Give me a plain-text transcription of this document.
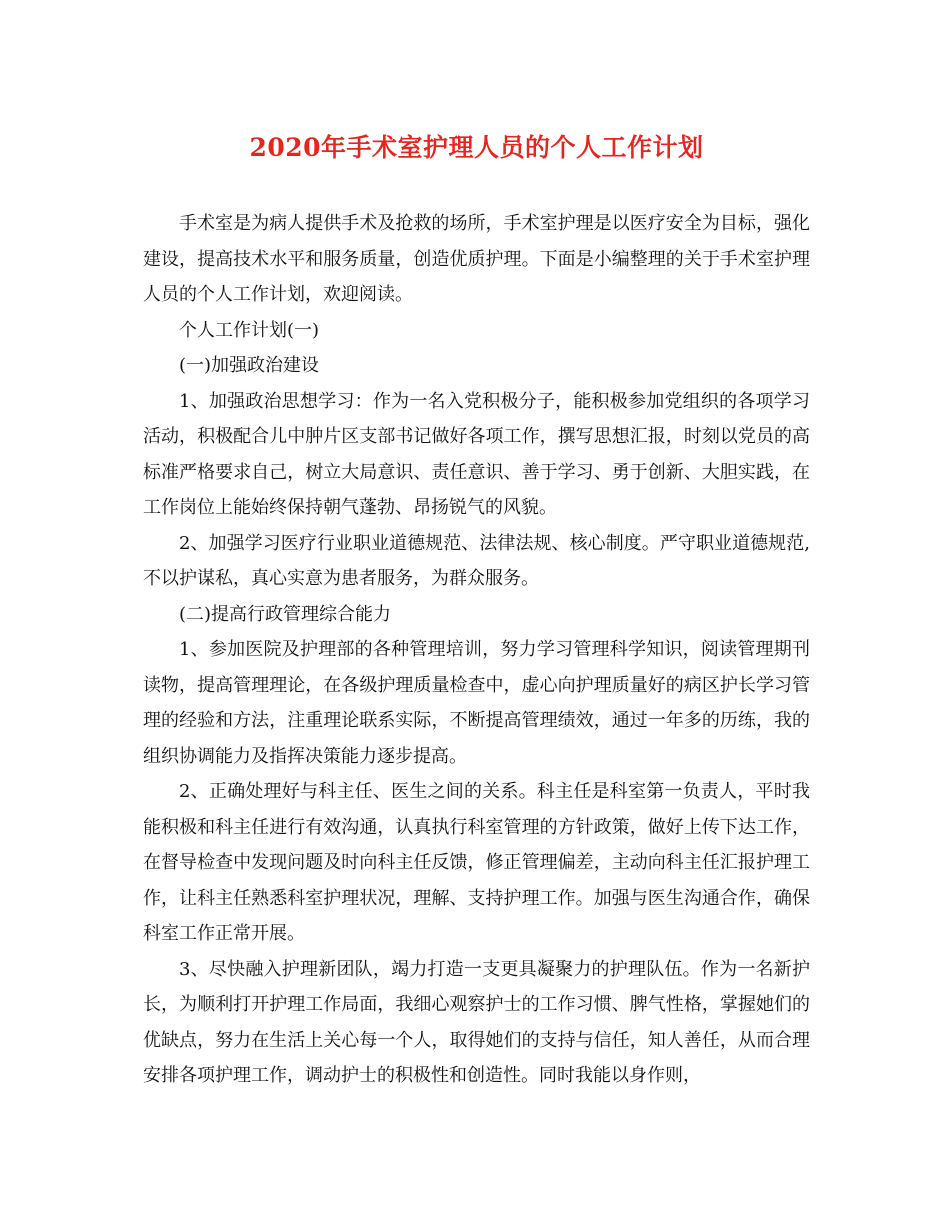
2020年手术室护理人员的个人工作计划

手术室是为病人提供手术及抢救的场所，手术室护理是以医疗安全为目标，强化建设，提高技术水平和服务质量，创造优质护理。下面是小编整理的关于手术室护理人员的个人工作计划，欢迎阅读。

个人工作计划(一)

(一)加强政治建设

1、加强政治思想学习：作为一名入党积极分子，能积极参加党组织的各项学习活动，积极配合儿中肿片区支部书记做好各项工作，撰写思想汇报，时刻以党员的高标准严格要求自己，树立大局意识、责任意识、善于学习、勇于创新、大胆实践，在工作岗位上能始终保持朝气蓬勃、昂扬锐气的风貌。

2、加强学习医疗行业职业道德规范、法律法规、核心制度。严守职业道德规范,不以护谋私，真心实意为患者服务，为群众服务。

(二)提高行政管理综合能力

1、参加医院及护理部的各种管理培训，努力学习管理科学知识，阅读管理期刊读物，提高管理理论，在各级护理质量检查中，虚心向护理质量好的病区护长学习管理的经验和方法，注重理论联系实际，不断提高管理绩效，通过一年多的历练，我的组织协调能力及指挥决策能力逐步提高。

2、正确处理好与科主任、医生之间的关系。科主任是科室第一负责人，平时我能积极和科主任进行有效沟通，认真执行科室管理的方针政策，做好上传下达工作，在督导检查中发现问题及时向科主任反馈，修正管理偏差，主动向科主任汇报护理工作，让科主任熟悉科室护理状况，理解、支持护理工作。加强与医生沟通合作，确保科室工作正常开展。

3、尽快融入护理新团队，竭力打造一支更具凝聚力的护理队伍。作为一名新护长，为顺利打开护理工作局面，我细心观察护士的工作习惯、脾气性格，掌握她们的优缺点，努力在生活上关心每一个人，取得她们的支持与信任，知人善任，从而合理安排各项护理工作，调动护士的积极性和创造性。同时我能以身作则，
